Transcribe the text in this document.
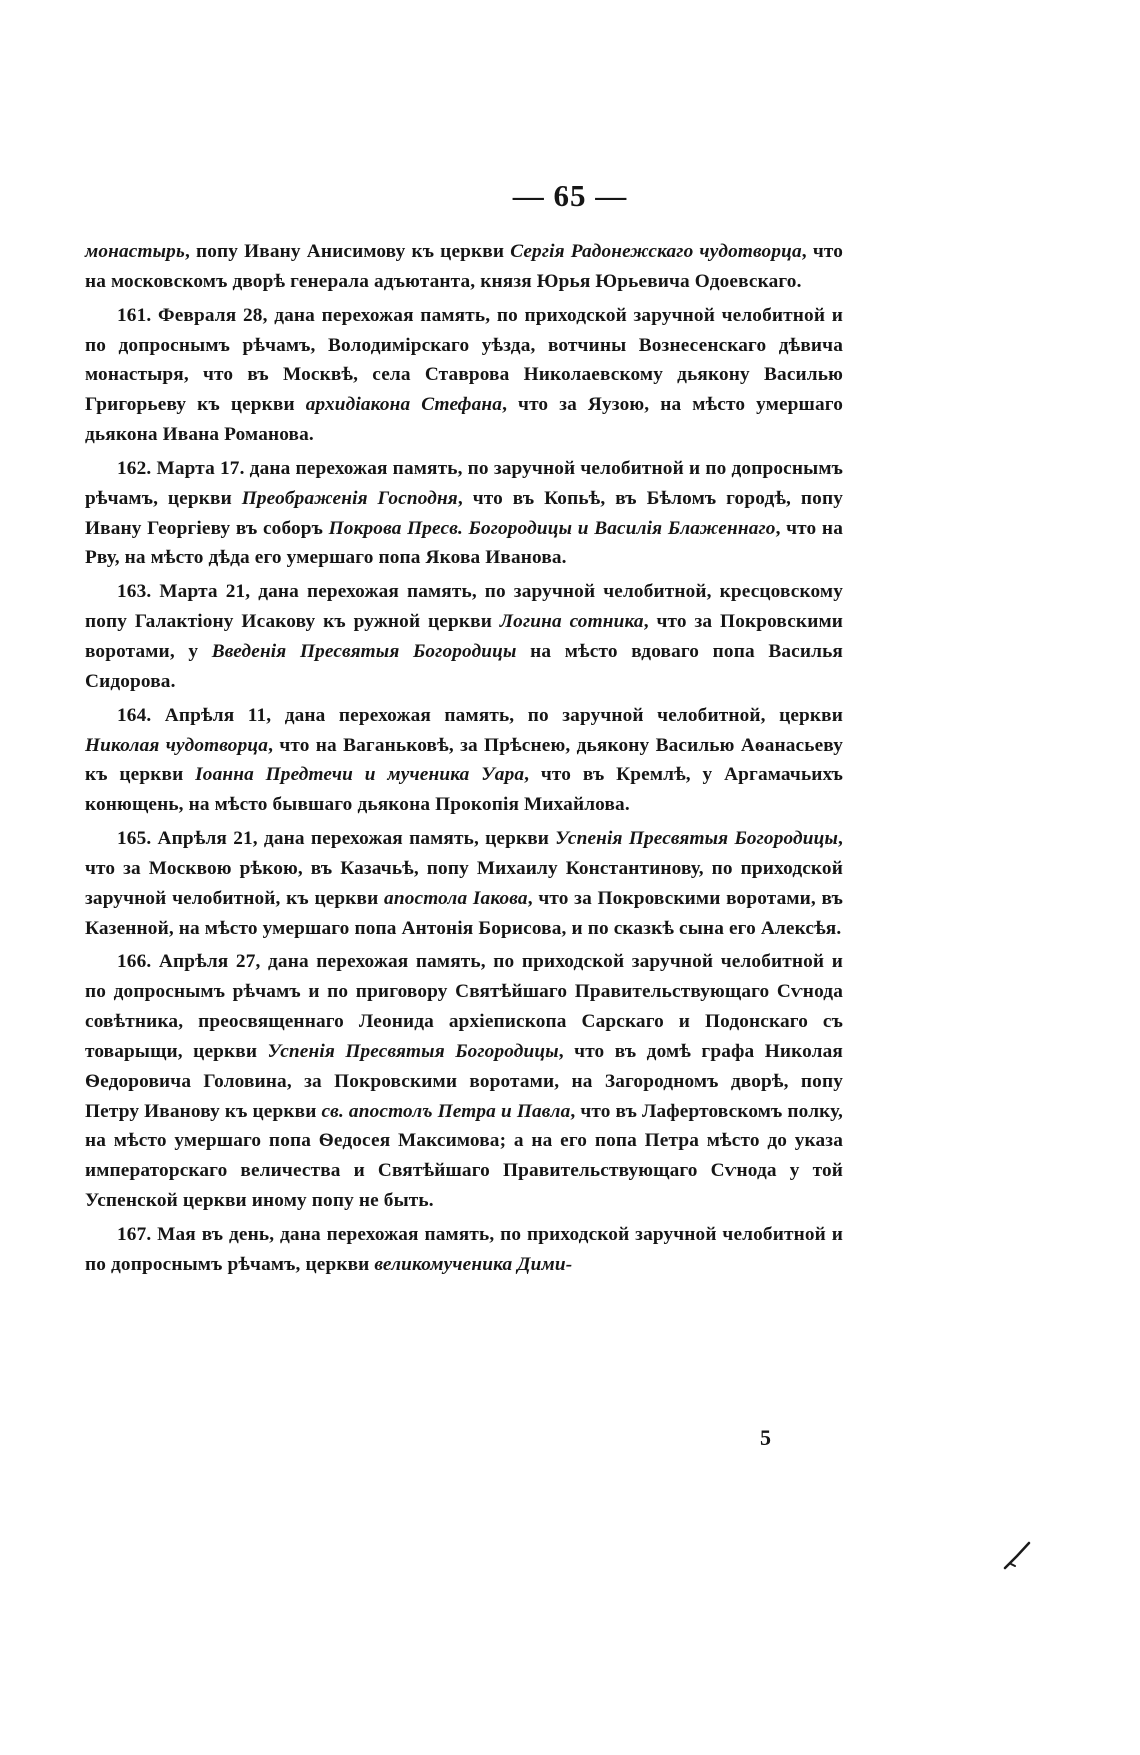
— 65 —

монастырь, попу Ивану Анисимову къ церкви Сергія Радонежскаго чудотворца, что на московскомъ дворѣ генерала адъютанта, князя Юрья Юрьевича Одоевскаго.

161. Февраля 28, дана перехожая память, по приходской заручной челобитной и по допроснымъ рѣчамъ, Володимірскаго уѣзда, вотчины Вознесенскаго дѣвича монастыря, что въ Москвѣ, села Ставрова Николаевскому дьякону Василью Григорьеву къ церкви архидіакона Стефана, что за Яузою, на мѣсто умершаго дьякона Ивана Романова.

162. Марта 17. дана перехожая память, по заручной челобитной и по допроснымъ рѣчамъ, церкви Преображенія Господня, что въ Копьѣ, въ Бѣломъ городѣ, попу Ивану Георгіеву въ соборъ Покрова Пресв. Богородицы и Василія Блаженнаго, что на Рву, на мѣсто дѣда его умершаго попа Якова Иванова.

163. Марта 21, дана перехожая память, по заручной челобитной, кресцовскому попу Галактіону Исакову къ ружной церкви Логина сотника, что за Покровскими воротами, у Введенія Пресвятыя Богородицы на мѣсто вдоваго попа Василья Сидорова.

164. Апрѣля 11, дана перехожая память, по заручной челобитной, церкви Николая чудотворца, что на Ваганьковѣ, за Прѣснею, дьякону Василью Аѳанасьеву къ церкви Іоанна Предтечи и мученика Уара, что въ Кремлѣ, у Аргамачьихъ конющень, на мѣсто бывшаго дьякона Прокопія Михайлова.

165. Апрѣля 21, дана перехожая память, церкви Успенія Пресвятыя Богородицы, что за Москвою рѣкою, въ Казачьѣ, попу Михаилу Константинову, по приходской заручной челобитной, къ церкви апостола Іакова, что за Покровскими воротами, въ Казенной, на мѣсто умершаго попа Антонія Борисова, и по сказкѣ сына его Алексѣя.

166. Апрѣля 27, дана перехожая память, по приходской заручной челобитной и по допроснымъ рѣчамъ и по приговору Святѣйшаго Правительствующаго Сѵнода совѣтника, преосвященнаго Леонида архіепископа Сарскаго и Подонскаго съ товарыщи, церкви Успенія Пресвятыя Богородицы, что въ домѣ графа Николая Ѳедоровича Головина, за Покровскими воротами, на Загородномъ дворѣ, попу Петру Иванову къ церкви св. апостолъ Петра и Павла, что въ Лафертовскомъ полку, на мѣсто умершаго попа Ѳедосея Максимова; а на его попа Петра мѣсто до указа императорскаго величества и Святѣйшаго Правительствующаго Сѵнода у той Успенской церкви иному попу не быть.

167. Мая въ день, дана перехожая память, по приходской заручной челобитной и по допроснымъ рѣчамъ, церкви великомученика Дими-

5
